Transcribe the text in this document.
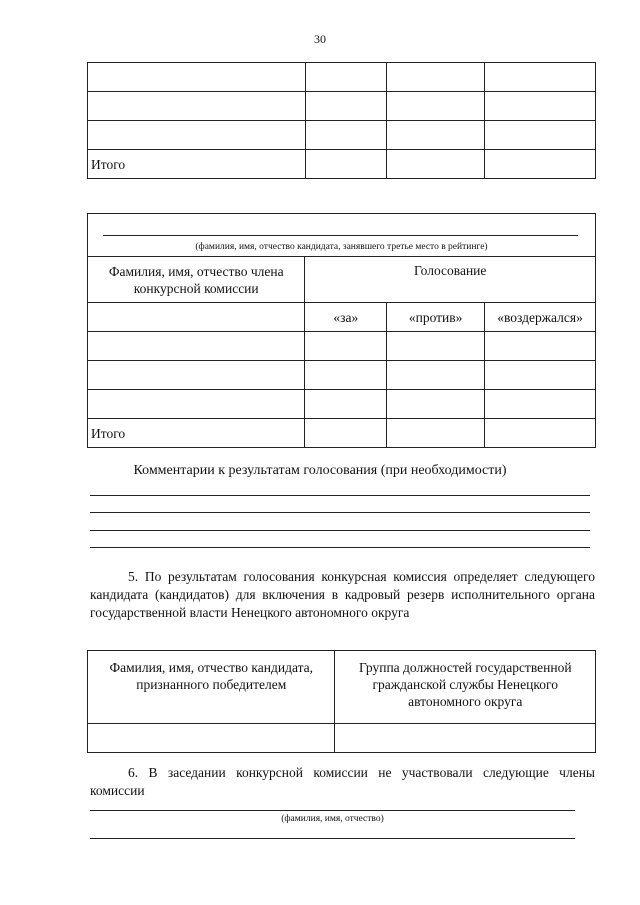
30

Итого			
(фамилия, имя, отчество кандидата, занявшего третье место в рейтинге)			

Фамилия, имя, отчество члена конкурсной комиссии	Голосование		
	«за»	«против»	«воздержался»

Итого			
Комментарии к результатам голосования (при необходимости)
5. По результатам голосования конкурсная комиссия определяет следующего кандидата (кандидатов) для включения в кадровый резерв исполнительного органа государственной власти Ненецкого автономного округа
Фамилия, имя, отчество кандидата, признанного победителем	Группа должностей государственной гражданской службы Ненецкого автономного округа

6. В заседании конкурсной комиссии не участвовали следующие члены комиссии
(фамилия, имя, отчество)
